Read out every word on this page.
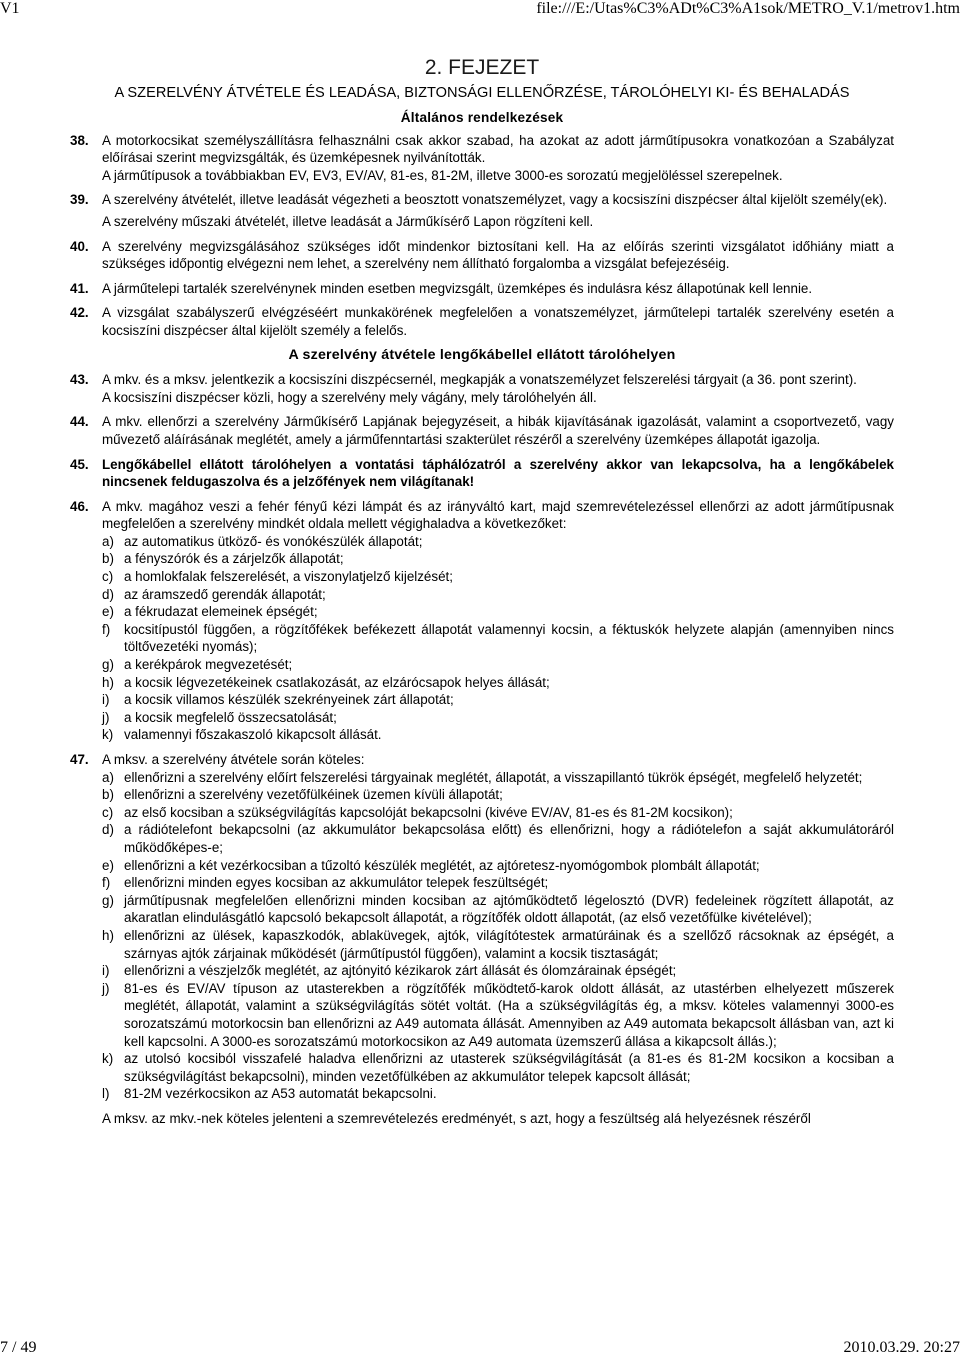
V1	file:///E:/Utas%C3%ADt%C3%A1sok/METRO_V.1/metrov1.htm
2. FEJEZET
A SZERELVÉNY ÁTVÉTELE ÉS LEADÁSA, BIZTONSÁGI ELLENŐRZÉSE, TÁROLÓHELYI KI- ÉS BEHALADÁS
Általános rendelkezések
38. A motorkocsikat személyszállításra felhasználni csak akkor szabad, ha azokat az adott járműtípusokra vonatkozóan a Szabályzat előírásai szerint megvizsgálták, és üzemképesnek nyilvánították.

A járműtípusok a továbbiakban EV, EV3, EV/AV, 81-es, 81-2M, illetve 3000-es sorozatú megjelöléssel szerepelnek.

39. A szerelvény átvételét, illetve leadását végezheti a beosztott vonatszemélyzet, vagy a kocsiszíni diszpécser által kijelölt személy(ek).

A szerelvény műszaki átvételét, illetve leadását a Járműkísérő Lapon rögzíteni kell.

40. A szerelvény megvizsgálásához szükséges időt mindenkor biztosítani kell. Ha az előírás szerinti vizsgálatot időhiány miatt a szükséges időpontig elvégezni nem lehet, a szerelvény nem állítható forgalomba a vizsgálat befejezéséig.

41. A járműtelepi tartalék szerelvénynek minden esetben megvizsgált, üzemképes és indulásra kész állapotúnak kell lennie.

42. A vizsgálat szabályszerű elvégzéséért munkakörének megfelelően a vonatszemélyzet, járműtelepi tartalék szerelvény esetén a kocsiszíni diszpécser által kijelölt személy a felelős.

A szerelvény átvétele lengőkábellel ellátott tárolóhelyen
43. A mkv. és a mksv. jelentkezik a kocsiszíni diszpécsernél, megkapják a vonatszemélyzet felszerelési tárgyait (a 36. pont szerint).

A kocsiszíni diszpécser közli, hogy a szerelvény mely vágány, mely tárolóhelyén áll.

44. A mkv. ellenőrzi a szerelvény Járműkísérő Lapjának bejegyzéseit, a hibák kijavításának igazolását, valamint a csoportvezető, vagy művezető aláírásának meglétét, amely a járműfenntartási szakterület részéről a szerelvény üzemképes állapotát igazolja.

45. Lengőkábellel ellátott tárolóhelyen a vontatási táphálózatról a szerelvény akkor van lekapcsolva, ha a lengőkábelek nincsenek feldugaszolva és a jelzőfények nem világítanak!

46. A mkv. magához veszi a fehér fényű kézi lámpát és az irányváltó kart, majd szemrevételezéssel ellenőrzi az adott járműtípusnak megfelelően a szerelvény mindkét oldala mellett végighaladva a következőket:

a) az automatikus ütköző- és vonókészülék állapotát;
b) a fényszórók és a zárjelzők állapotát;
c) a homlokfalak felszerelését, a viszonylatjelző kijelzését;
d) az áramszedő gerendák állapotát;
e) a fékrudazat elemeinek épségét;
f)	kocsitípustól függően, a rögzítőfékek befékezett állapotát valamennyi kocsin, a féktuskók helyzete alapján (amennyiben nincs töltővezetéki nyomás);
g) a kerékpárok megvezetését;
h) a kocsik légvezetékeinek csatlakozását, az elzárócsapok helyes állását;
i)	a kocsik villamos készülék szekrényeinek zárt állapotát;
j)	a kocsik megfelelő összecsatolását;
k) valamennyi főszakaszoló kikapcsolt állását.
47. A mksv. a szerelvény átvétele során köteles:

a) ellenőrizni a szerelvény előírt felszerelési tárgyainak meglétét, állapotát, a visszapillantó tükrök épségét, megfelelő helyzetét;
b) ellenőrizni a szerelvény vezetőfülkéinek üzemen kívüli állapotát;
c) az első kocsiban a szükségvilágítás kapcsolóját bekapcsolni (kivéve EV/AV, 81-es és 81-2M kocsikon);
d) a rádiótelefont bekapcsolni (az akkumulátor bekapcsolása előtt) és ellenőrizni, hogy a rádiótelefon a saját akkumulátoráról működőképes-e;
e) ellenőrizni a két vezérkocsiban a tűzoltó készülék meglétét, az ajtóretesz-nyomógombok plombált állapotát;
f)	ellenőrizni minden egyes kocsiban az akkumulátor telepek feszültségét;
g) járműtípusnak megfelelően ellenőrizni minden kocsiban az ajtóműködtető légelosztó (DVR) fedeleinek rögzített állapotát, az akaratlan elindulásgátló kapcsoló bekapcsolt állapotát, a rögzítőfék oldott állapotát, (az első vezetőfülke kivételével);
h) ellenőrizni az ülések, kapaszkodók, ablaküvegek, ajtók, világítótestek armatúráinak és a szellőző rácsoknak az épségét, a szárnyas ajtók zárjainak működését (járműtípustól függően), valamint a kocsik tisztaságát;
i)	ellenőrizni a vészjelzők meglétét, az ajtónyitó kézikarok zárt állását és ólomzárainak épségét;
j)	81-es és EV/AV típuson az utasterekben a rögzítőfék működtető-karok oldott állását, az utastérben elhelyezett műszerek meglétét, állapotát, valamint a szükségvilágítás sötét voltát. (Ha a szükségvilágítás ég, a mksv. köteles valamennyi 3000-es sorozatszámú motorkocsin ban ellenőrizni az A49 automata állását. Amennyiben az A49 automata bekapcsolt állásban van, azt ki kell kapcsolni. A 3000-es sorozatszámú motorkocsikon az A49 automata üzemszerű állása a kikapcsolt állás.);
k) az utolsó kocsiból visszafelé haladva ellenőrizni az utasterek szükségvilágítását (a 81-es és 81-2M kocsikon a kocsiban a szükségvilágítást bekapcsolni), minden vezetőfülkében az akkumulátor telepek kapcsolt állását;
l)	81-2M vezérkocsikon az A53 automatát bekapcsolni.

A mksv. az mkv.-nek köteles jelenteni a szemrevételezés eredményét, s azt, hogy a feszültség alá helyezésnek részéről

7 / 49	2010.03.29. 20:27
